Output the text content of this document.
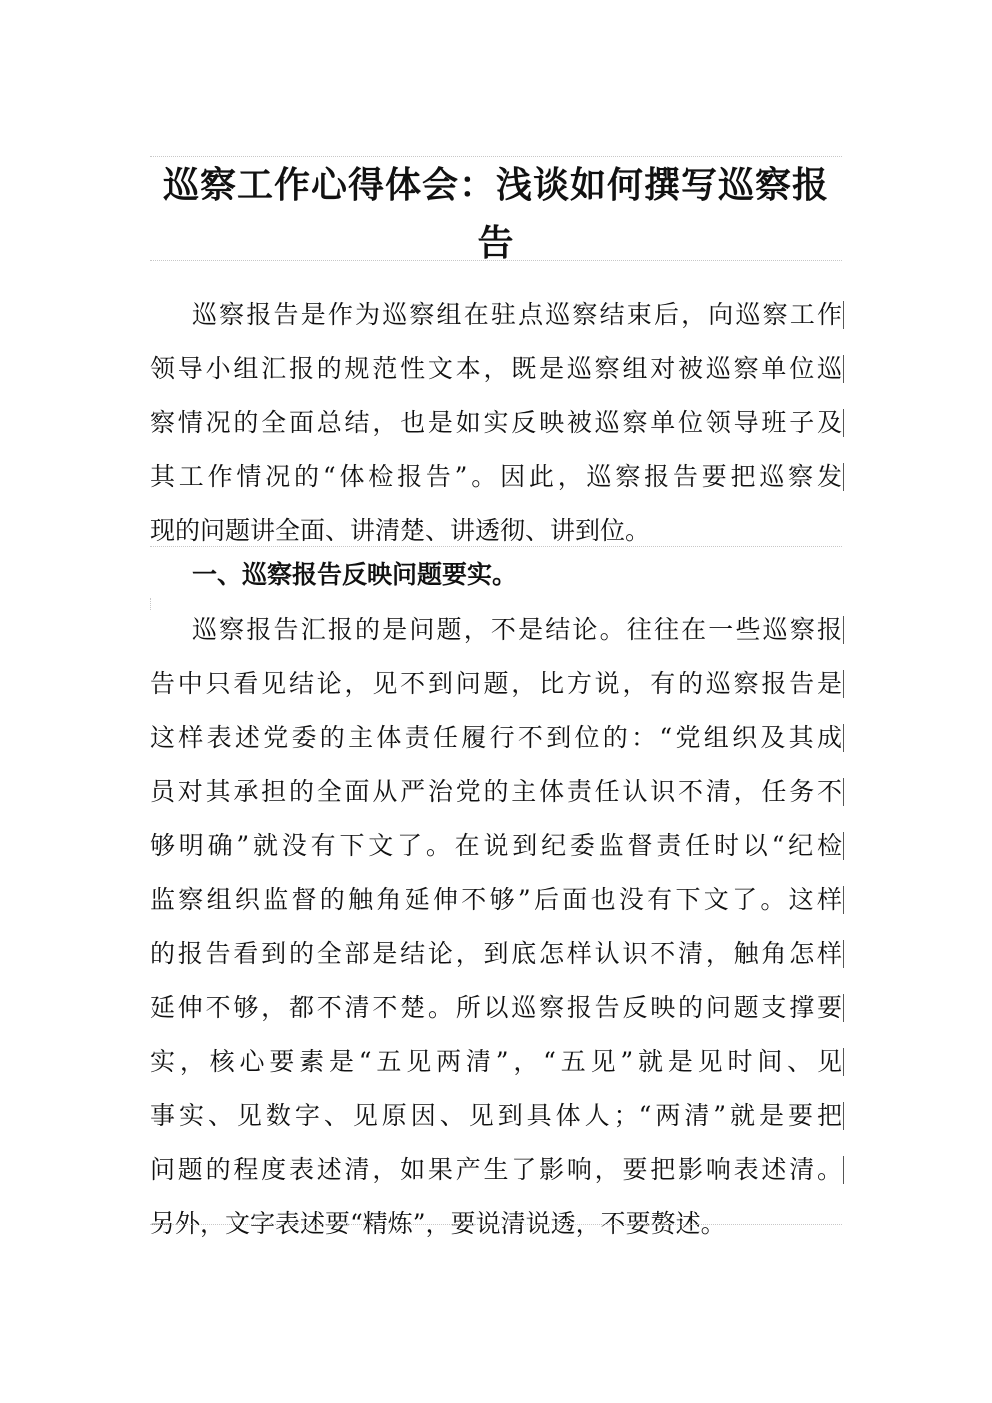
巡察工作心得体会：浅谈如何撰写巡察报
告
巡察报告是作为巡察组在驻点巡察结束后，向巡察工作
领导小组汇报的规范性文本，既是巡察组对被巡察单位巡
察情况的全面总结，也是如实反映被巡察单位领导班子及
其工作情况的“体检报告”。因此，巡察报告要把巡察发
现的问题讲全面、讲清楚、讲透彻、讲到位。
一、巡察报告反映问题要实。
巡察报告汇报的是问题，不是结论。往往在一些巡察报
告中只看见结论，见不到问题，比方说，有的巡察报告是
这样表述党委的主体责任履行不到位的：“党组织及其成
员对其承担的全面从严治党的主体责任认识不清，任务不
够明确”就没有下文了。在说到纪委监督责任时以“纪检
监察组织监督的触角延伸不够”后面也没有下文了。这样
的报告看到的全部是结论，到底怎样认识不清，触角怎样
延伸不够，都不清不楚。所以巡察报告反映的问题支撑要
实，核心要素是“五见两清”，“五见”就是见时间、见
事实、见数字、见原因、见到具体人；“两清”就是要把
问题的程度表述清，如果产生了影响，要把影响表述清。
另外，文字表述要“精炼”，要说清说透，不要赘述。
